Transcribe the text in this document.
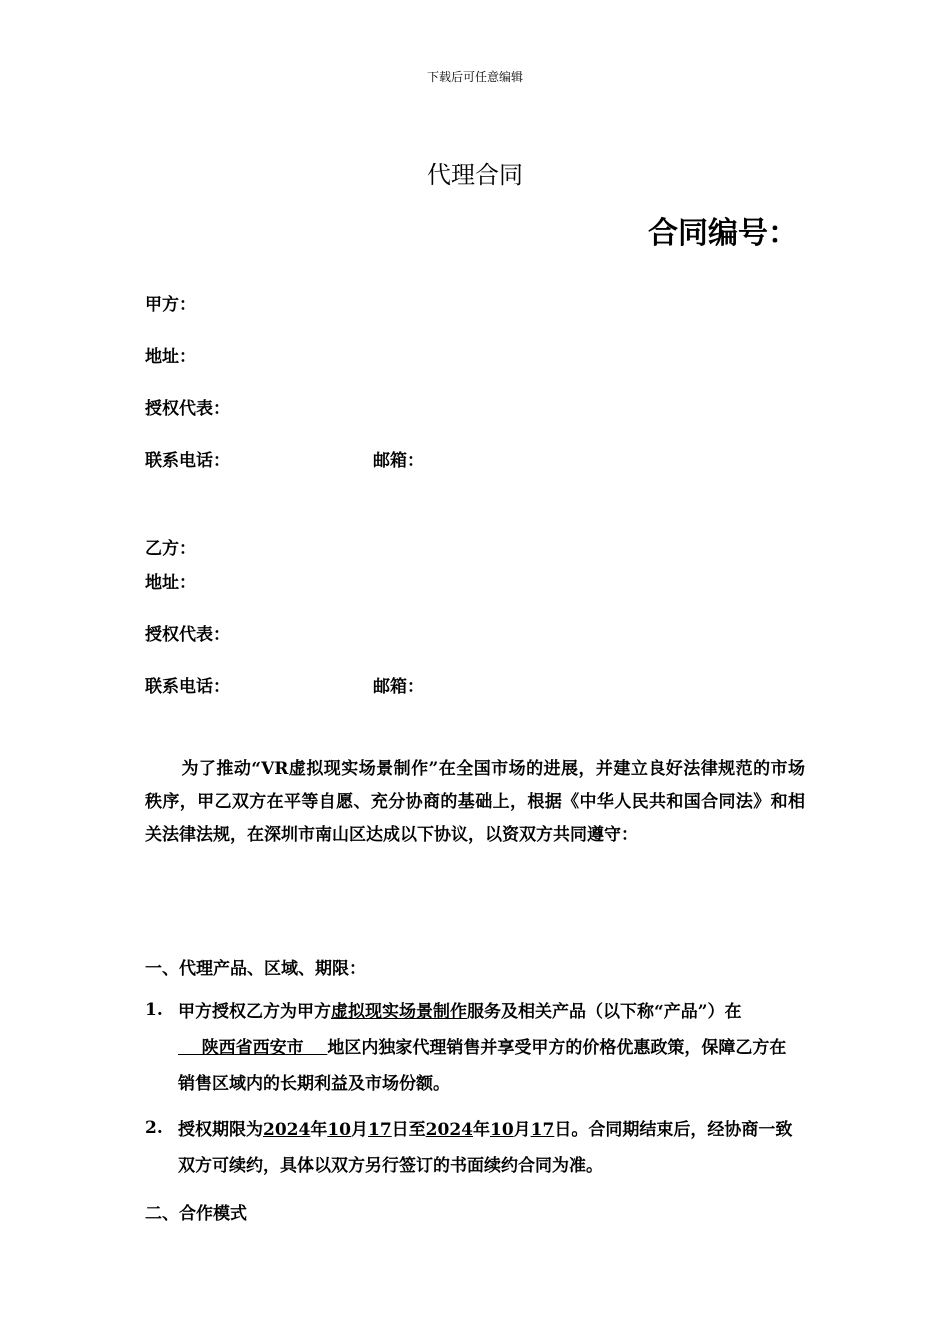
下载后可任意编辑
代理合同
合同编号：
甲方：
地址：
授权代表：
联系电话：	邮箱：
乙方：
地址：
授权代表：
联系电话：	邮箱：
为了推动“VR虚拟现实场景制作”在全国市场的进展，并建立良好法律规范的市场秩序，甲乙双方在平等自愿、充分协商的基础上，根据《中华人民共和国合同法》和相关法律法规，在深圳市南山区达成以下协议，以资双方共同遵守：
一、代理产品、区域、期限：
1. 甲方授权乙方为甲方虚拟现实场景制作服务及相关产品（以下称“产品”）在    陕西省西安市    地区内独家代理销售并享受甲方的价格优惠政策，保障乙方在销售区域内的长期利益及市场份额。
2. 授权期限为2024年10月17日至2024年10月17日。合同期结束后，经协商一致双方可续约，具体以双方另行签订的书面续约合同为准。
二、合作模式
